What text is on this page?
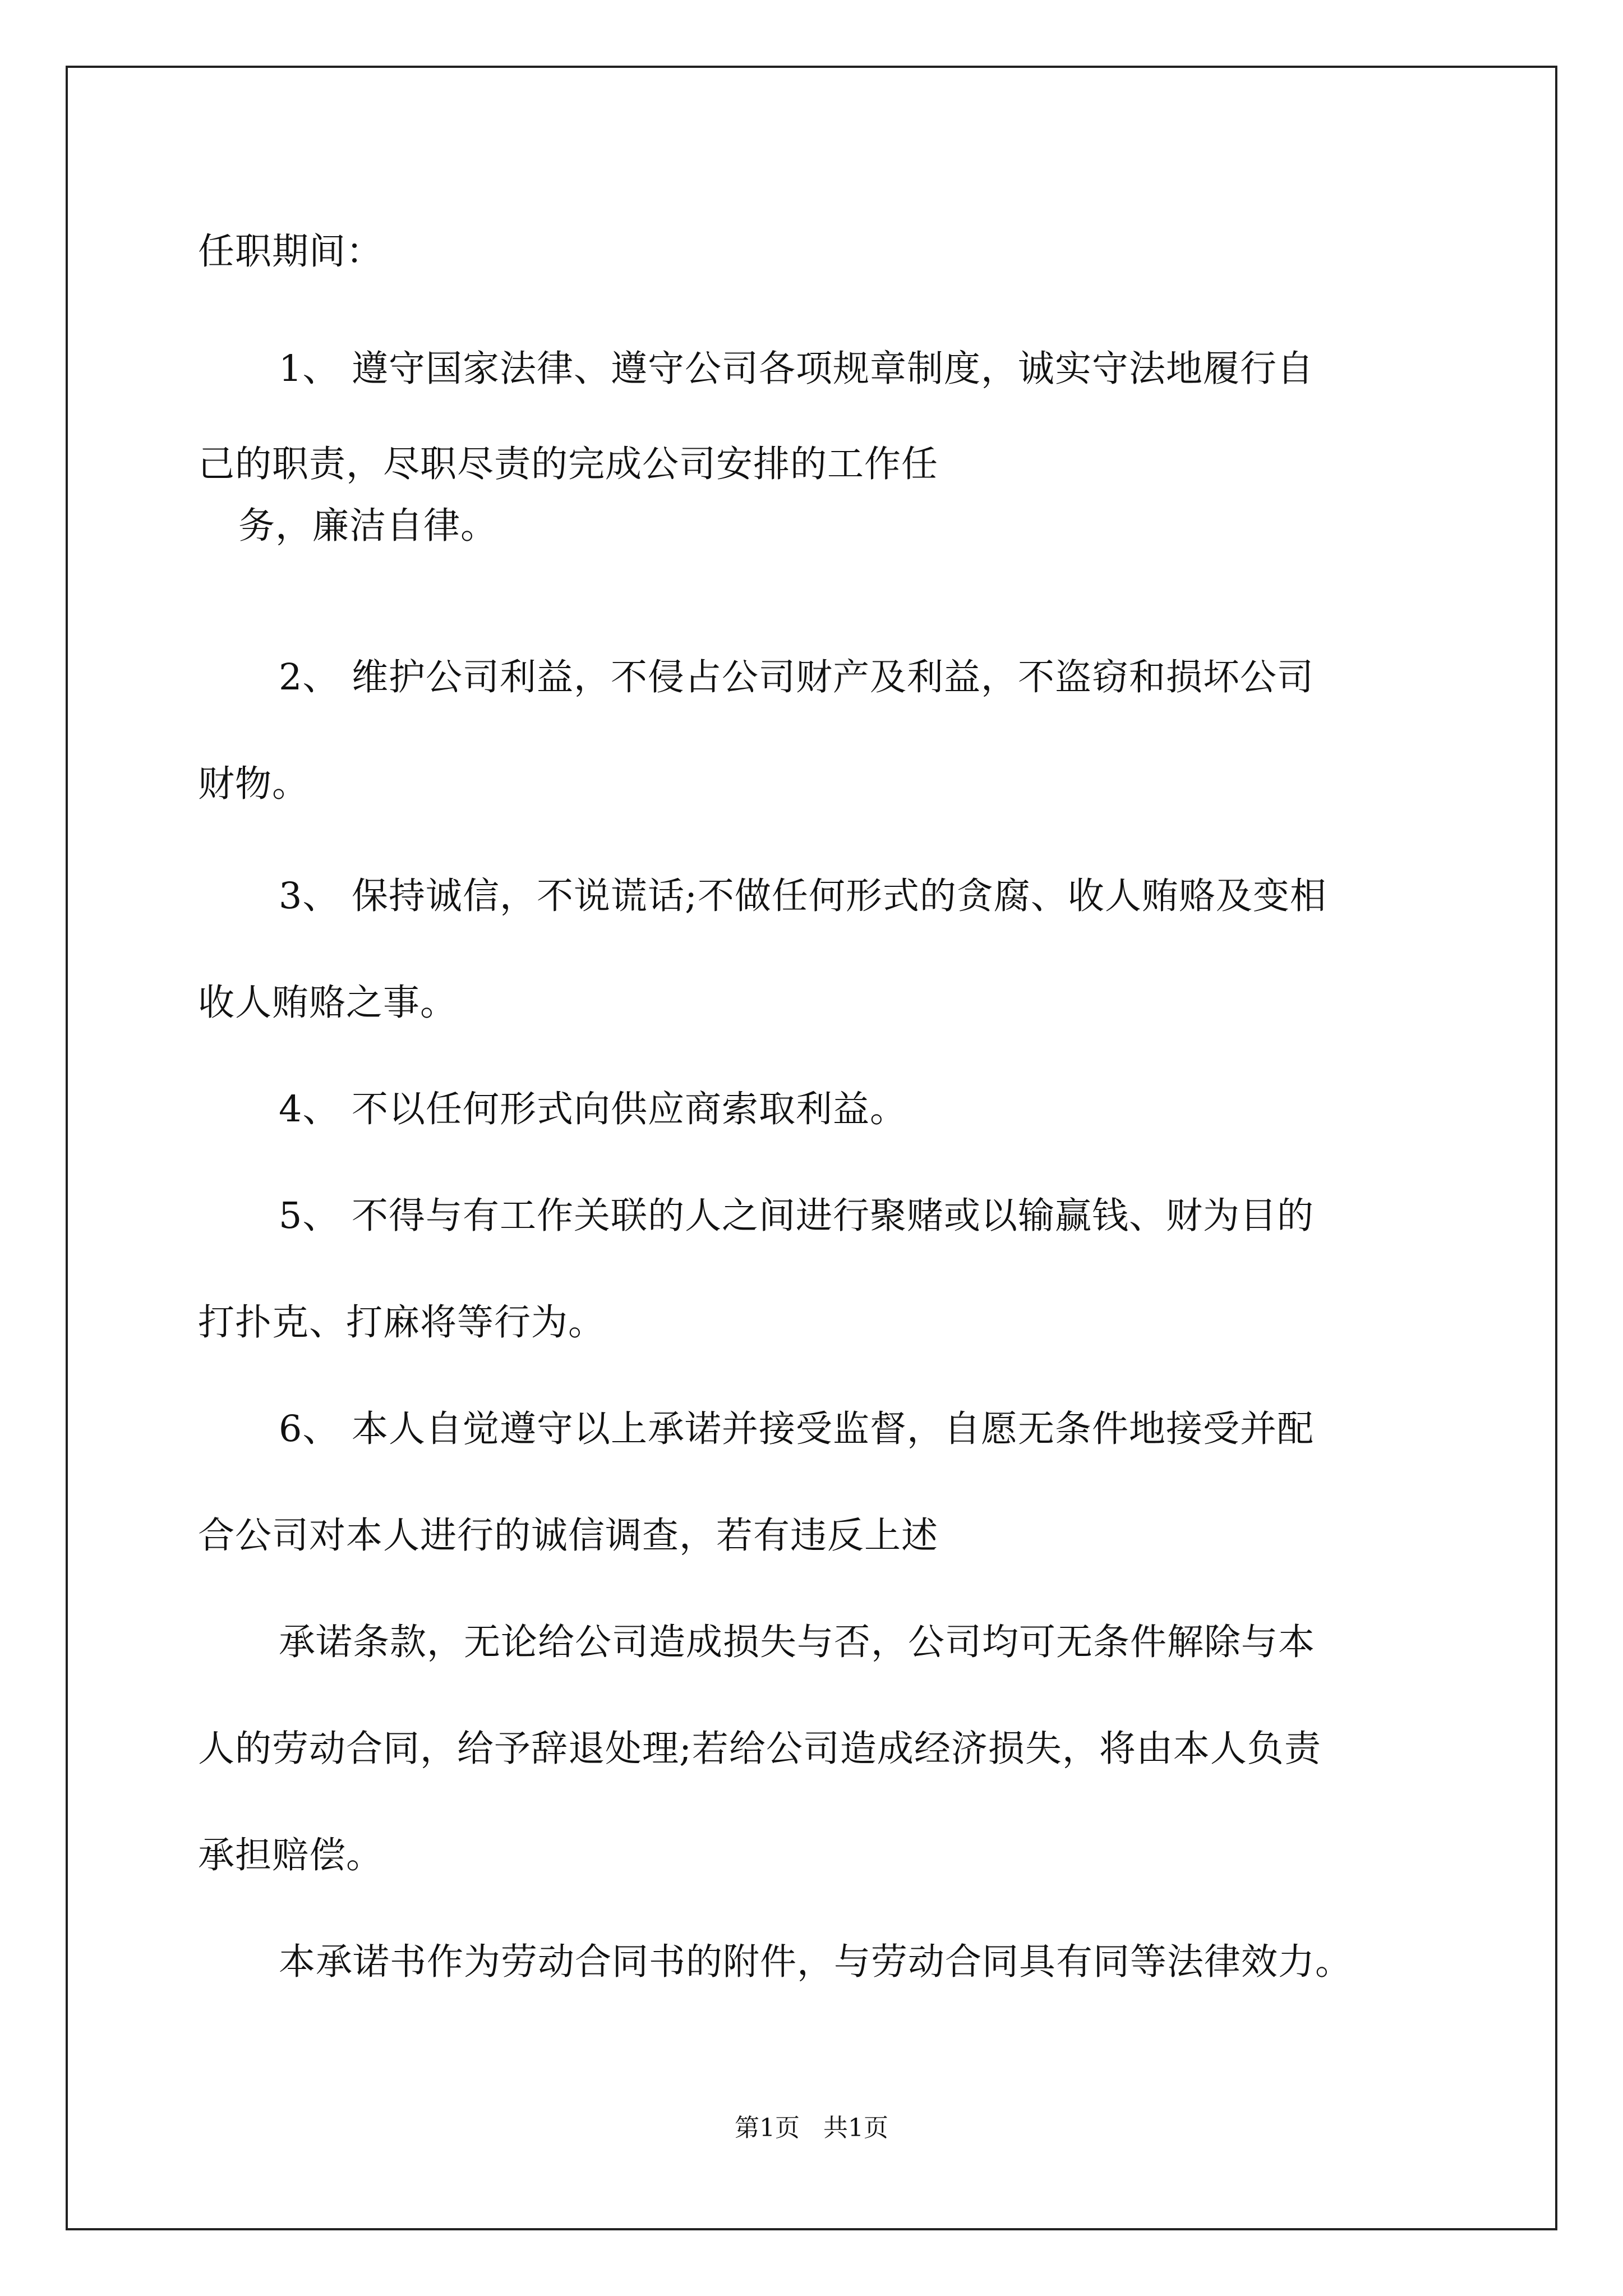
任职期间：

1、 遵守国家法律、遵守公司各项规章制度，诚实守法地履行自

己的职责，尽职尽责的完成公司安排的工作任

务，廉洁自律。

2、 维护公司利益，不侵占公司财产及利益，不盗窃和损坏公司

财物。

3、 保持诚信，不说谎话;不做任何形式的贪腐、收人贿赂及变相

收人贿赂之事。

4、 不以任何形式向供应商索取利益。

5、 不得与有工作关联的人之间进行聚赌或以输赢钱、财为目的

打扑克、打麻将等行为。

6、 本人自觉遵守以上承诺并接受监督，自愿无条件地接受并配

合公司对本人进行的诚信调查，若有违反上述

承诺条款，无论给公司造成损失与否，公司均可无条件解除与本

人的劳动合同，给予辞退处理;若给公司造成经济损失，将由本人负责

承担赔偿。

本承诺书作为劳动合同书的附件，与劳动合同具有同等法律效力。

第1页   共1页
